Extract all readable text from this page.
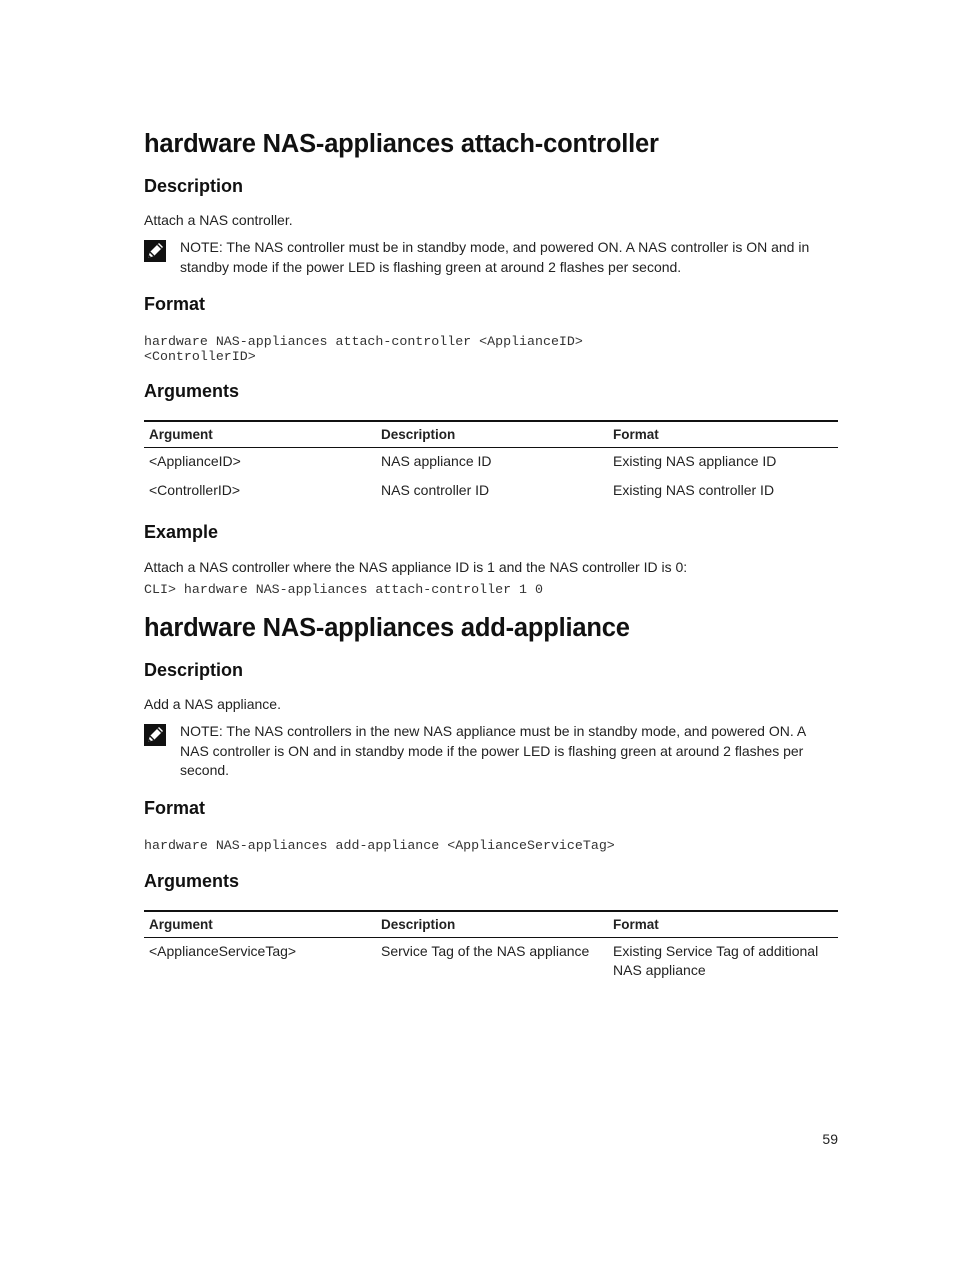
hardware NAS-appliances attach-controller
Description

Attach a NAS controller.

NOTE: The NAS controller must be in standby mode, and powered ON. A NAS controller is ON and in standby mode if the power LED is flashing green at around 2 flashes per second.
Format
hardware NAS-appliances attach-controller <ApplianceID>
<ControllerID>
Arguments
Argument	Description	Format
<ApplianceID>	NAS appliance ID	Existing NAS appliance ID
<ControllerID>	NAS controller ID	Existing NAS controller ID
Example

Attach a NAS controller where the NAS appliance ID is 1 and the NAS controller ID is 0:

CLI> hardware NAS-appliances attach-controller 1 0
hardware NAS-appliances add-appliance
Description

Add a NAS appliance.

NOTE: The NAS controllers in the new NAS appliance must be in standby mode, and powered ON. A NAS controller is ON and in standby mode if the power LED is flashing green at around 2 flashes per second.
Format
hardware NAS-appliances add-appliance <ApplianceServiceTag>
Arguments
Argument	Description	Format
<ApplianceServiceTag>	Service Tag of the NAS appliance	Existing Service Tag of additional NAS appliance
59
